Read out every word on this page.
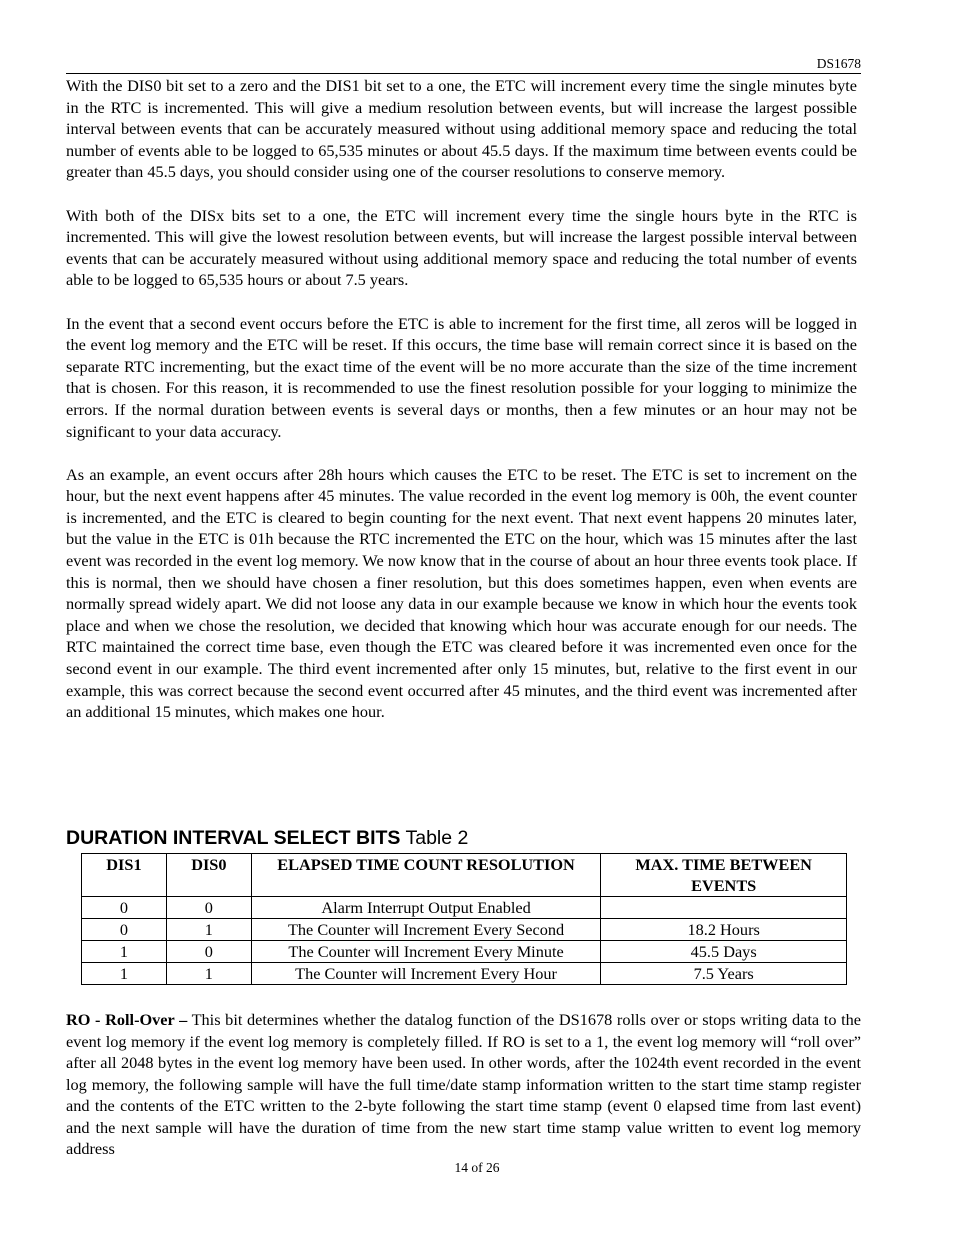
DS1678

With the DIS0 bit set to a zero and the DIS1 bit set to a one, the ETC will increment every time the single minutes byte in the RTC is incremented. This will give a medium resolution between events, but will increase the largest possible interval between events that can be accurately measured without using additional memory space and reducing the total number of events able to be logged to 65,535 minutes or about 45.5 days. If the maximum time between events could be greater than 45.5 days, you should consider using one of the courser resolutions to conserve memory.

With both of the DISx bits set to a one, the ETC will increment every time the single hours byte in the RTC is incremented. This will give the lowest resolution between events, but will increase the largest possible interval between events that can be accurately measured without using additional memory space and reducing the total number of events able to be logged to 65,535 hours or about 7.5 years.

In the event that a second event occurs before the ETC is able to increment for the first time, all zeros will be logged in the event log memory and the ETC will be reset. If this occurs, the time base will remain correct since it is based on the separate RTC incrementing, but the exact time of the event will be no more accurate than the size of the time increment that is chosen. For this reason, it is recommended to use the finest resolution possible for your logging to minimize the errors. If the normal duration between events is several days or months, then a few minutes or an hour may not be significant to your data accuracy.

As an example, an event occurs after 28h hours which causes the ETC to be reset. The ETC is set to increment on the hour, but the next event happens after 45 minutes. The value recorded in the event log memory is 00h, the event counter is incremented, and the ETC is cleared to begin counting for the next event. That next event happens 20 minutes later, but the value in the ETC is 01h because the RTC incremented the ETC on the hour, which was 15 minutes after the last event was recorded in the event log memory. We now know that in the course of about an hour three events took place. If this is normal, then we should have chosen a finer resolution, but this does sometimes happen, even when events are normally spread widely apart. We did not loose any data in our example because we know in which hour the events took place and when we chose the resolution, we decided that knowing which hour was accurate enough for our needs. The RTC maintained the correct time base, even though the ETC was cleared before it was incremented even once for the second event in our example. The third event incremented after only 15 minutes, but, relative to the first event in our example, this was correct because the second event occurred after 45 minutes, and the third event was incremented after an additional 15 minutes, which makes one hour.

DURATION INTERVAL SELECT BITS Table 2
DIS1	DIS0	ELAPSED TIME COUNT RESOLUTION	MAX. TIME BETWEEN EVENTS
0	0	Alarm Interrupt Output Enabled	
0	1	The Counter will Increment Every Second	18.2 Hours
1	0	The Counter will Increment Every Minute	45.5 Days
1	1	The Counter will Increment Every Hour	7.5 Years
RO - Roll-Over – This bit determines whether the datalog function of the DS1678 rolls over or stops writing data to the event log memory if the event log memory is completely filled. If RO is set to a 1, the event log memory will “roll over” after all 2048 bytes in the event log memory have been used. In other words, after the 1024th event recorded in the event log memory, the following sample will have the full time/date stamp information written to the start time stamp register and the contents of the ETC written to the 2-byte following the start time stamp (event 0 elapsed time from last event) and the next sample will have the duration of time from the new start time stamp value written to event log memory address
14 of 26
